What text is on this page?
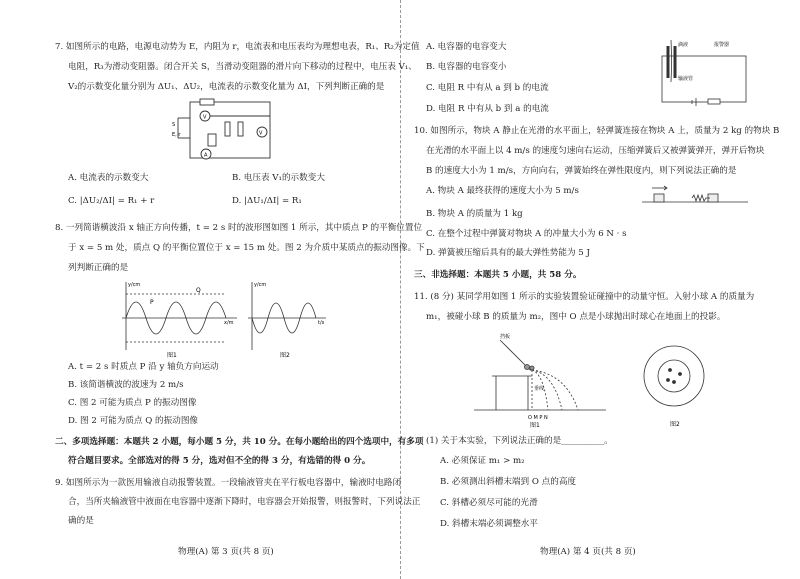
7. 如图所示的电路，电源电动势为 E，内阻为 r，电流表和电压表均为理想电表，R₁、R₂为定值
电阻，R₃为滑动变阻器。闭合开关 S，当滑动变阻器的滑片向下移动的过程中，电压表 V₁、
V₂的示数变化量分别为 ΔU₁、ΔU₂，电流表的示数变化量为 ΔI，下列判断正确的是
V
V
A
S
E, r
A. 电流表的示数变大	B. 电压表 V₁的示数变大
C. |ΔU₂/ΔI| = R₁ + r	D. |ΔU₁/ΔI| = R₁
8. 一列简谐横波沿 x 轴正方向传播，t = 2 s 时的波形图如图 1 所示，其中质点 P 的平衡位置位
于 x = 5 m 处，质点 Q 的平衡位置位于 x = 15 m 处。图 2 为介质中某质点的振动图像。下
列判断正确的是
y/cm
x/m
P
Q
图1
y/cm
t/s
图2
A. t = 2 s 时质点 P 沿 y 轴负方向运动
B. 该简谐横波的波速为 2 m/s
C. 图 2 可能为质点 P 的振动图像
D. 图 2 可能为质点 Q 的振动图像
二、多项选择题：本题共 2 小题，每小题 5 分，共 10 分。在每小题给出的四个选项中，有多项
符合题目要求。全部选对的得 5 分，选对但不全的得 3 分，有选错的得 0 分。
9. 如图所示为一款医用输液自动报警装置。一段输液管夹在平行板电容器中，输液时电路闭
合，当所夹输液管中液面在电容器中逐渐下降时，电容器会开始报警，则报警时，下列说法正
确的是
物理(A) 第 3 页(共 8 页)
A. 电容器的电容变大
B. 电容器的电容变小
C. 电阻 R 中有从 a 到 b 的电流
D. 电阻 R 中有从 b 到 a 的电流
滴液	报警器
输液管
10. 如图所示，物块 A 静止在光滑的水平面上，轻弹簧连接在物块 A 上，质量为 2 kg 的物块 B
在光滑的水平面上以 4 m/s 的速度匀速向右运动，压缩弹簧后又被弹簧弹开，弹开后物块
B 的速度大小为 1 m/s，方向向右，弹簧始终在弹性限度内，则下列说法正确的是
A. 物块 A 最终获得的速度大小为 5 m/s
B. 物块 A 的质量为 1 kg
C. 在整个过程中弹簧对物块 A 的冲量大小为 6 N · s
D. 弹簧被压缩后具有的最大弹性势能为 5 J
三、非选择题：本题共 5 小题，共 58 分。
11. (8 分) 某同学用如图 1 所示的实验装置验证碰撞中的动量守恒。入射小球 A 的质量为
m₁，被碰小球 B 的质量为 m₂，图中 O 点是小球抛出时球心在地面上的投影。
挡板
垂线
O M P N
图1	图2
(1) 关于本实验，下列说法正确的是__________。
A. 必须保证 m₁ > m₂
B. 必须测出斜槽末端到 O 点的高度
C. 斜槽必须尽可能的光滑
D. 斜槽末端必须调整水平
物理(A) 第 4 页(共 8 页)
